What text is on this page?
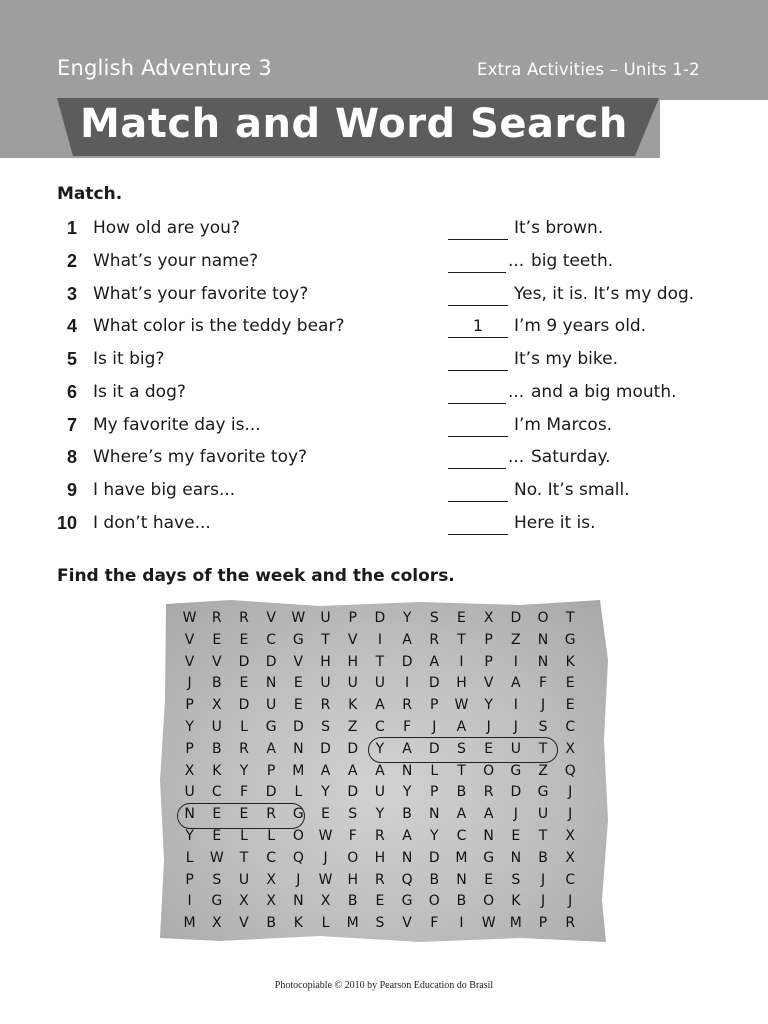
English Adventure 3	Extra Activities – Units 1-2
Match and Word Search
Match.
1 How old are you?	It’s brown.
2 What’s your name?	... big teeth.
3 What’s your favorite toy?	Yes, it is. It’s my dog.
4 What color is the teddy bear?	1	I’m 9 years old.
5 Is it big?	It’s my bike.
6 Is it a dog?	... and a big mouth.
7 My favorite day is...	I’m Marcos.
8 Where’s my favorite toy?	... Saturday.
9 I have big ears...	No. It’s small.
10 I don’t have...	Here it is.
Find the days of the week and the colors.
W	R	R	V	W	U	P	D	Y	S	E	X	D	O	T
V	E	E	C	G	T	V	I	A	R	T	P	Z	N	G
V	V	D	D	V	H	H	T	D	A	I	P	I	N	K
J	B	E	N	E	U	U	U	I	D	H	V	A	F	E
P	X	D	U	E	R	K	A	R	P	W	Y	I	J	E
Y	U	L	G	D	S	Z	C	F	J	A	J	J	S	C
P	B	R	A	N	D	D	Y	A	D	S	E	U	T	X
X	K	Y	P	M	A	A	A	N	L	T	O	G	Z	Q
U	C	F	D	L	Y	D	U	Y	P	B	R	D	G	J
N	E	E	R	G	E	S	Y	B	N	A	A	J	U	J
Y	E	L	L	O	W	F	R	A	Y	C	N	E	T	X
L	W	T	C	Q	J	O	H	N	D	M	G	N	B	X
P	S	U	X	J	W	H	R	Q	B	N	E	S	J	C
I	G	X	X	N	X	B	E	G	O	B	O	K	J	J
M	X	V	B	K	L	M	S	V	F	I	W	M	P	R
Photocopiable © 2010 by Pearson Education do Brasil
